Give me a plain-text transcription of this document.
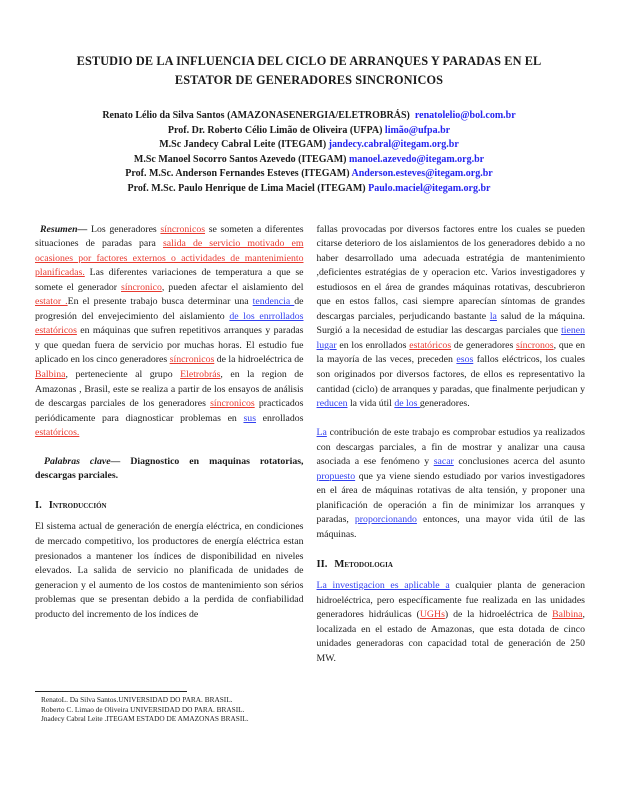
ESTUDIO DE LA INFLUENCIA DEL CICLO DE ARRANQUES Y PARADAS EN EL
ESTATOR DE GENERADORES SINCRONICOS
Renato Lélio da Silva Santos (AMAZONASENERGIA/ELETROBRÁS) renatolelio@bol.com.br
Prof. Dr. Roberto Célio Limão de Oliveira (UFPA) limão@ufpa.br
M.Sc Jandecy Cabral Leite (ITEGAM) jandecy.cabral@itegam.org.br
M.Sc Manoel Socorro Santos Azevedo (ITEGAM) manoel.azevedo@itegam.org.br
Prof. M.Sc. Anderson Fernandes Esteves (ITEGAM) Anderson.esteves@itegam.org.br
Prof. M.Sc. Paulo Henrique de Lima Maciel (ITEGAM) Paulo.maciel@itegam.org.br

Resumen— Los generadores síncronicos se someten a diferentes situaciones de paradas para salida de servicio motivado em ocasiones por factores externos o actividades de mantenimiento planificadas. Las diferentes variaciones de temperatura a que se somete el generador síncronico, pueden afectar el aislamiento del estator .En el presente trabajo busca determinar una tendencia de progresión del envejecimiento del aislamiento de los enrrollados estatóricos en máquinas que sufren repetitivos arranques y paradas y que quedan fuera de servicio por muchas horas. El estudio fue aplicado en los cinco generadores síncronicos de la hidroeléctrica de Balbina, perteneciente al grupo Eletrobrás, en la region de Amazonas , Brasil, este se realiza a partir de los ensayos de análisis de descargas parciales de los generadores síncronicos practicados periódicamente para diagnosticar problemas en sus enrollados estatóricos.

Palabras clave— Diagnostico en maquinas rotatorias, descargas parciales.

I. Introducción

El sistema actual de generación de energía eléctrica, en condiciones de mercado competitivo, los productores de energía eléctrica estan presionados a mantener los índices de disponibilidad en niveles elevados. La salida de servicio no planificada de unidades de generacion y el aumento de los costos de mantenimiento son sérios problemas que se presentan debido a la perdida de confiabilidad producto del incremento de los índices de

fallas provocadas por diversos factores entre los cuales se pueden citarse deterioro de los aislamientos de los generadores debido a no haber desarrollado uma adecuada estratégia de mantenimiento ,deficientes estratégias de y operacion etc. Varios investigadores y estudiosos en el área de grandes máquinas rotativas, descubrieron que en estos fallos, casi siempre aparecían síntomas de grandes descargas parciales, perjudicando bastante la salud de la máquina. Surgió a la necesidad de estudiar las descargas parciales que tienen lugar en los enrollados estatóricos de generadores síncronos, que en la mayoría de las veces, preceden esos fallos eléctricos, los cuales son originados por diversos factores, de ellos es representativo la cantidad (ciclo) de arranques y paradas, que finalmente perjudican y reducen la vida útil de los generadores.

La contribución de este trabajo es comprobar estudios ya realizados con descargas parciales, a fin de mostrar y analizar una causa asociada a ese fenómeno y sacar conclusiones acerca del asunto propuesto que ya viene siendo estudiado por varios investigadores en el área de máquinas rotativas de alta tensión, y proponer una planificación de operación a fin de minimizar los arranques y paradas, proporcionando entonces, una mayor vida útil de las máquinas.

II. Metodologia

La investigacion es aplicable a cualquier planta de generacion hidroeléctrica, pero específicamente fue realizada en las unidades generadores hidráulicas (UGHs) de la hidroeléctrica de Balbina, localizada en el estado de Amazonas, que esta dotada de cinco unidades generadoras con capacidad total de generación de 250 MW.

RenatoL. Da Silva Santos.UNIVERSIDAD DO PARA. BRASIL.
Roberto C. Limao de Oliveira UNIVERSIDAD DO PARA. BRASIL.
Jnadecy Cabral Leite .ITEGAM ESTADO DE AMAZONAS BRASIL.
